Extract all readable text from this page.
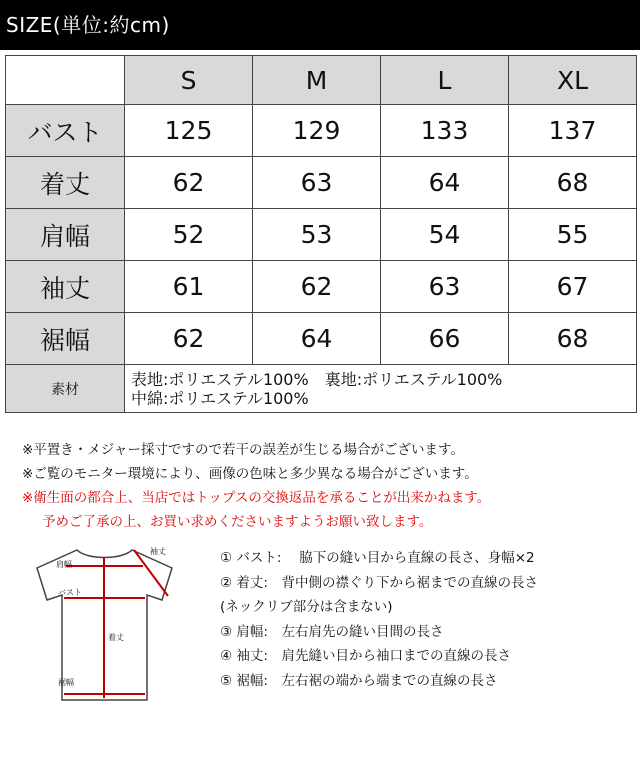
SIZE(単位:約cm)
	S	M	L	XL
バスト	125	129	133	137
着丈	62	63	64	68
肩幅	52	53	54	55
袖丈	61	62	63	67
裾幅	62	64	66	68
素材	表地:ポリエステル100%　裏地:ポリエステル100%
中綿:ポリエステル100%			
※平置き・メジャー採寸ですので若干の誤差が生じる場合がございます。
※ご覧のモニター環境により、画像の色味と多少異なる場合がございます。
※衛生面の都合上、当店ではトップスの交換返品を承ることが出来かねます。
予めご了承の上、お買い求めくださいますようお願い致します。
袖丈
肩幅
バスト
着丈
裾幅
① バスト:　 脇下の縫い目から直線の長さ、身幅×2
② 着丈:　背中側の襟ぐり下から裾までの直線の長さ
(ネックリブ部分は含まない)
③ 肩幅:　左右肩先の縫い目間の長さ
④ 袖丈:　肩先縫い目から袖口までの直線の長さ
⑤ 裾幅:　左右裾の端から端までの直線の長さ
